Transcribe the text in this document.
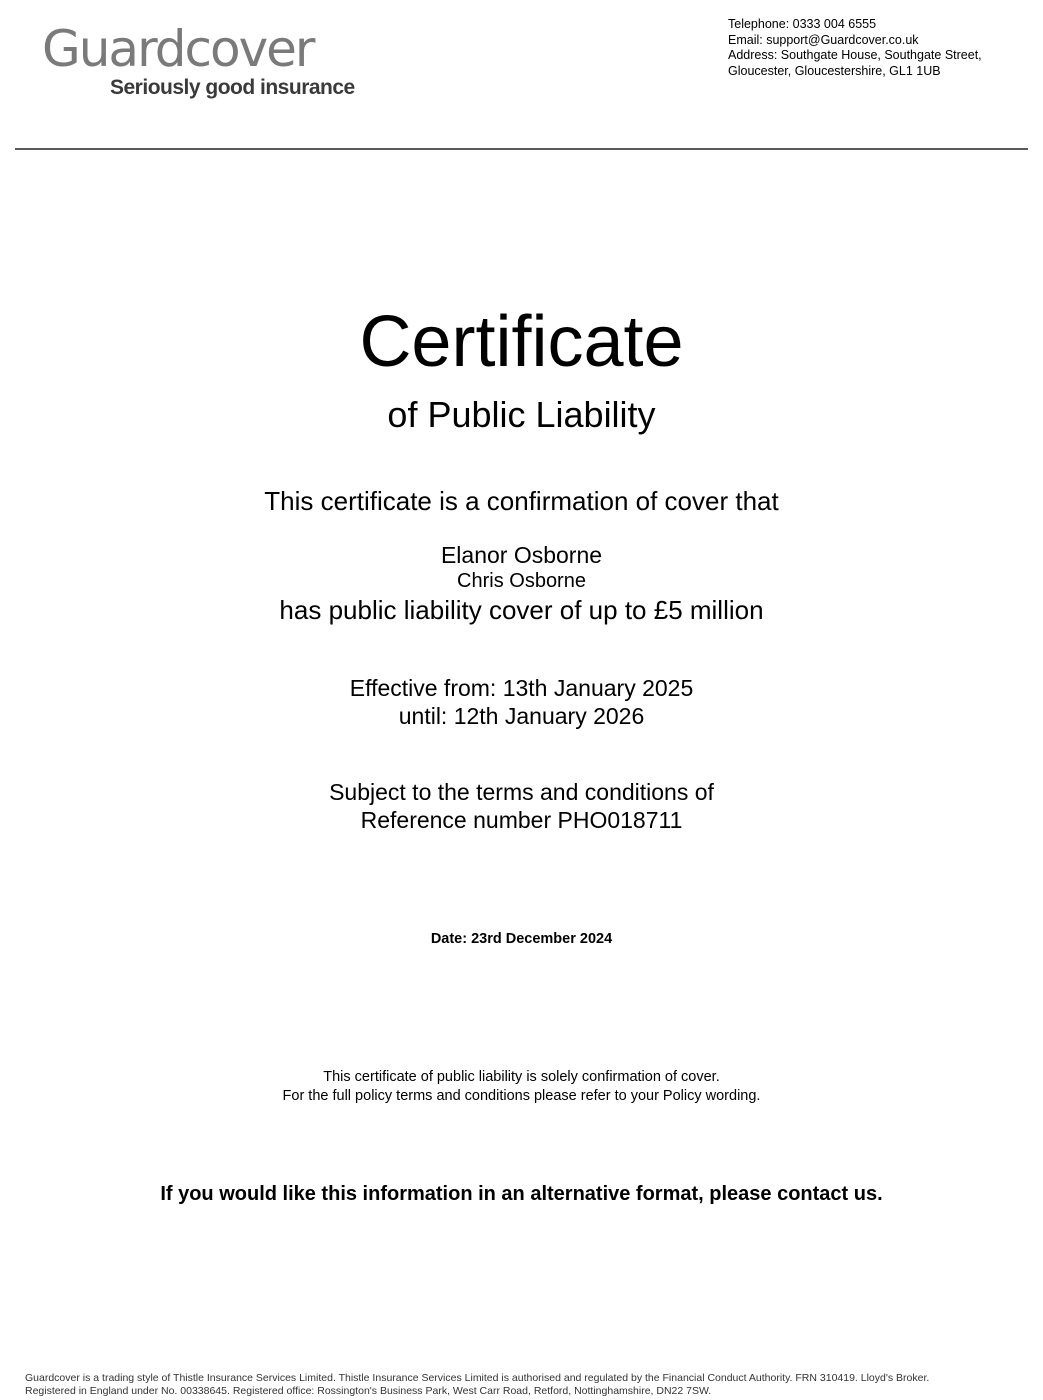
Guardcover
Seriously good insurance
Telephone: 0333 004 6555
Email: support@Guardcover.co.uk
Address: Southgate House, Southgate Street,
Gloucester, Gloucestershire, GL1 1UB
Certificate
of Public Liability
This certificate is a confirmation of cover that
Elanor Osborne
Chris Osborne
has public liability cover of up to £5 million
Effective from: 13th January 2025
until: 12th January 2026
Subject to the terms and conditions of
Reference number PHO018711
Date: 23rd December 2024
This certificate of public liability is solely confirmation of cover.
For the full policy terms and conditions please refer to your Policy wording.
If you would like this information in an alternative format, please contact us.
Guardcover is a trading style of Thistle Insurance Services Limited. Thistle Insurance Services Limited is authorised and regulated by the Financial Conduct Authority. FRN 310419. Lloyd's Broker.
Registered in England under No. 00338645. Registered office: Rossington's Business Park, West Carr Road, Retford, Nottinghamshire, DN22 7SW.
